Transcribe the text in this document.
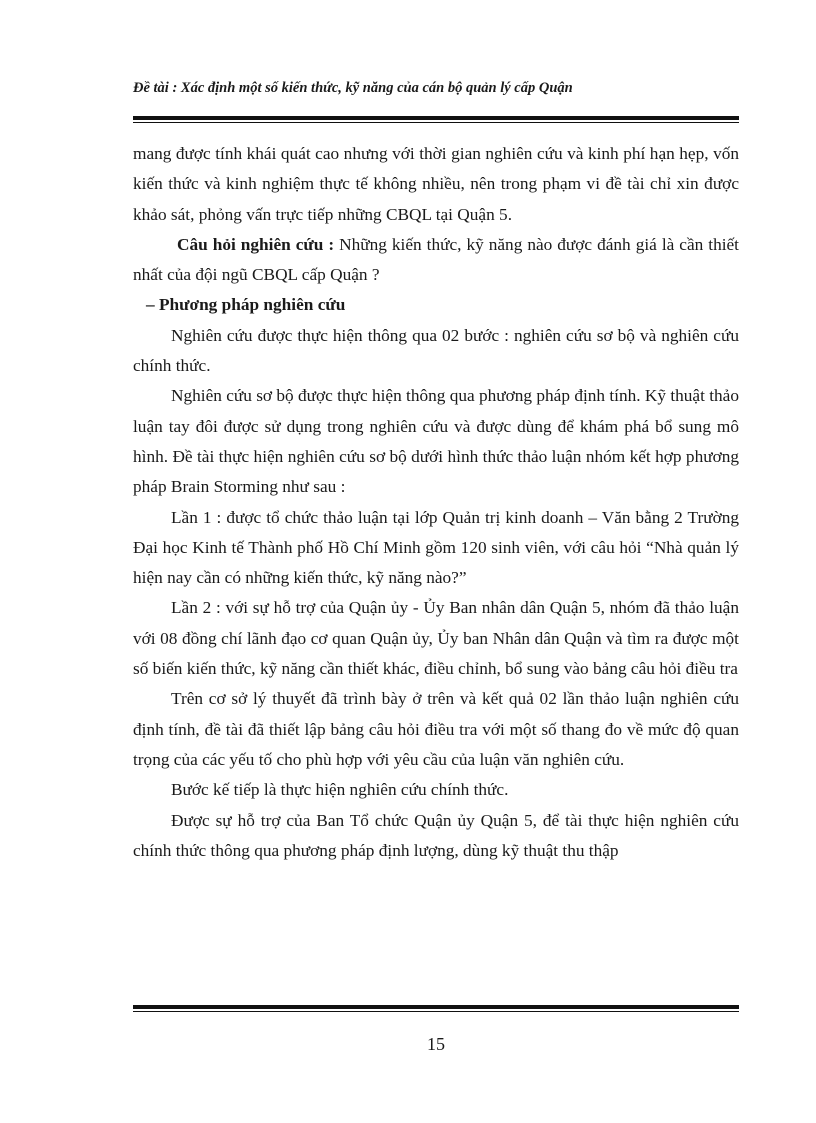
Đề tài : Xác định một số kiến thức, kỹ năng của cán bộ quản lý cấp Quận

mang được tính khái quát cao nhưng với thời gian nghiên cứu và kinh phí hạn hẹp, vốn kiến thức và kinh nghiệm thực tế không nhiều, nên trong phạm vi đề tài chỉ xin được khảo sát, phỏng vấn trực tiếp những CBQL tại Quận 5.

Câu hỏi nghiên cứu : Những kiến thức, kỹ năng nào được đánh giá là cần thiết nhất của đội ngũ CBQL cấp Quận ?

– Phương pháp nghiên cứu

Nghiên cứu được thực hiện thông qua 02 bước : nghiên cứu sơ bộ và nghiên cứu chính thức.

Nghiên cứu sơ bộ được thực hiện thông qua phương pháp định tính. Kỹ thuật thảo luận tay đôi được sử dụng trong nghiên cứu và được dùng để khám phá bổ sung mô hình. Đề tài thực hiện nghiên cứu sơ bộ dưới hình thức thảo luận nhóm kết hợp phương pháp Brain Storming như sau :

Lần 1 : được tổ chức thảo luận tại lớp Quản trị kinh doanh – Văn bằng 2 Trường Đại học Kinh tế Thành phố Hồ Chí Minh gồm 120 sinh viên, với câu hỏi “Nhà quản lý hiện nay cần có những kiến thức, kỹ năng nào?”

Lần 2 : với sự hỗ trợ của Quận ủy - Ủy Ban nhân dân Quận 5, nhóm đã thảo luận với 08 đồng chí lãnh đạo cơ quan Quận ủy, Ủy ban Nhân dân Quận và tìm ra được một số biến kiến thức, kỹ năng cần thiết khác, điều chỉnh, bổ sung vào bảng câu hỏi điều tra

Trên cơ sở lý thuyết đã trình bày ở trên và kết quả 02 lần thảo luận nghiên cứu định tính, đề tài đã thiết lập bảng câu hỏi điều tra với một số thang đo về mức độ quan trọng của các yếu tố cho phù hợp với yêu cầu của luận văn nghiên cứu.

Bước kế tiếp là thực hiện nghiên cứu chính thức.

Được sự hỗ trợ của Ban Tổ chức Quận ủy Quận 5, để tài thực hiện nghiên cứu chính thức thông qua phương pháp định lượng, dùng kỹ thuật thu thập

15
